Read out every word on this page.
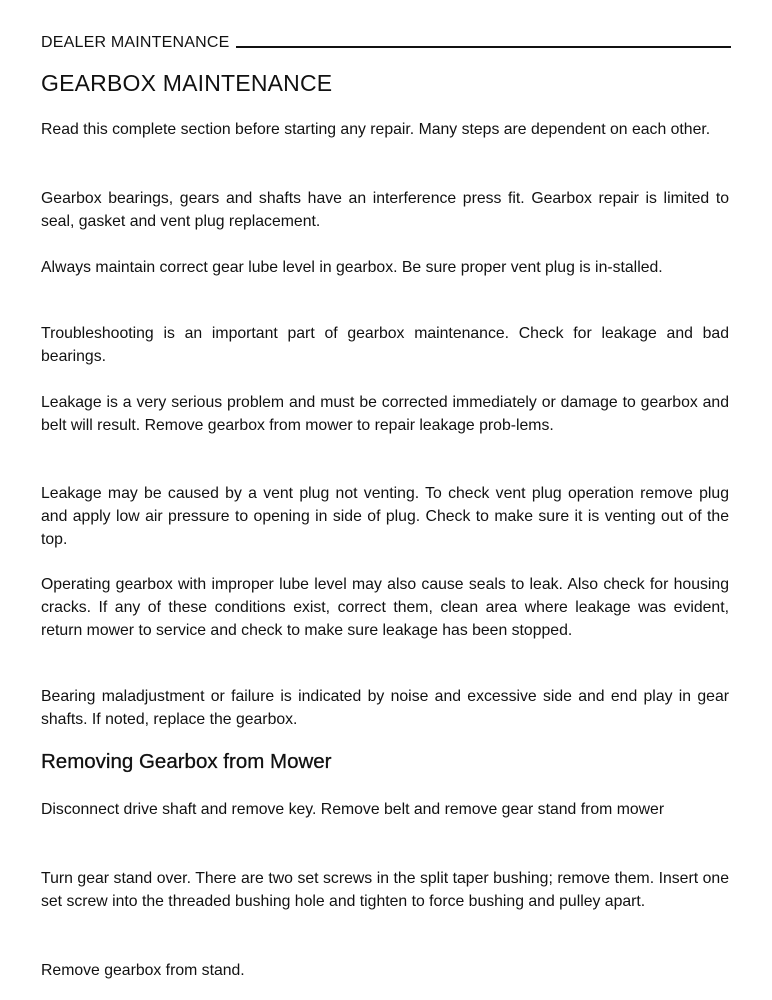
DEALER MAINTENANCE
GEARBOX MAINTENANCE

Read this complete section before starting any repair. Many steps are dependent on each other.

Gearbox bearings, gears and shafts have an interference press fit. Gearbox repair is limited to seal, gasket and vent plug replacement.

Always maintain correct gear lube level in gearbox. Be sure proper vent plug is in-stalled.

Troubleshooting is an important part of gearbox maintenance. Check for leakage and bad bearings.

Leakage is a very serious problem and must be corrected immediately or damage to gearbox and belt will result. Remove gearbox from mower to repair leakage prob-lems.

Leakage may be caused by a vent plug not venting. To check vent plug operation remove plug and apply low air pressure to opening in side of plug. Check to make sure it is venting out of the top.

Operating gearbox with improper lube level may also cause seals to leak. Also check for housing cracks. If any of these conditions exist, correct them, clean area where leakage was evident, return mower to service and check to make sure leakage has been stopped.

Bearing maladjustment or failure is indicated by noise and excessive side and end play in gear shafts. If noted, replace the gearbox.

Removing Gearbox from Mower

Disconnect drive shaft and remove key. Remove belt and remove gear stand from mower

Turn gear stand over. There are two set screws in the split taper bushing; remove them. Insert one set screw into the threaded bushing hole and tighten to force bushing and pulley apart.

Remove gearbox from stand.
